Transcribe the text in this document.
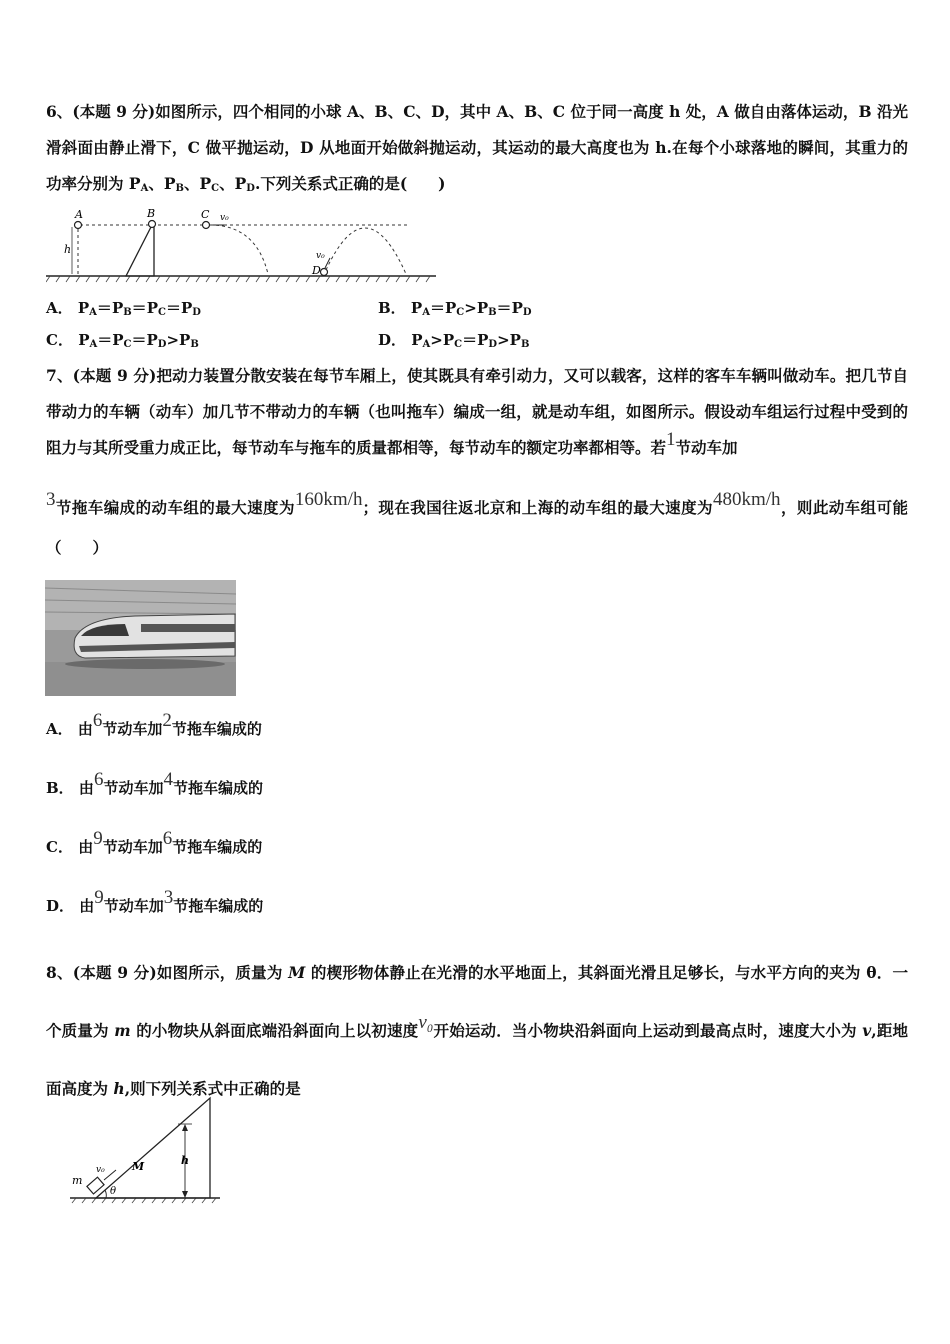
6、(本题 9 分)如图所示，四个相同的小球 A、B、C、D，其中 A、B、C 位于同一高度 h 处，A 做自由落体运动，B 沿光滑斜面由静止滑下，C 做平抛运动，D 从地面开始做斜抛运动，其运动的最大高度也为 h.在每个小球落地的瞬间，其重力的功率分别为 $P_A$、$P_B$、$P_C$、$P_D$.下列关系式正确的是(　　)
h
A	B	C v₀
D
v₀
A． $P_A=P_B=P_C=P_D$	B． $P_A=P_C>P_B=P_D$
C． $P_A=P_C=P_D>P_B$	D． $P_A>P_C=P_D>P_B$
7、(本题 9 分)把动力装置分散安装在每节车厢上，使其既具有牵引动力，又可以载客，这样的客车车辆叫做动车。把几节自带动力的车辆（动车）加几节不带动力的车辆（也叫拖车）编成一组，就是动车组，如图所示。假设动车组运行过程中受到的阻力与其所受重力成正比，每节动车与拖车的质量都相等，每节动车的额定功率都相等。若1节动车加

3节拖车编成的动车组的最大速度为160km/h；现在我国往返北京和上海的动车组的最大速度为480km/h，则此动车组可能（　　）
A． 由6节动车加2节拖车编成的
B． 由6节动车加4节拖车编成的
C． 由9节动车加6节拖车编成的
D． 由9节动车加3节拖车编成的
8、(本题 9 分)如图所示，质量为 M 的楔形物体静止在光滑的水平地面上，其斜面光滑且足够长，与水平方向的夹为 θ．一个质量为 m 的小物块从斜面底端沿斜面向上以初速度v₀开始运动．当小物块沿斜面向上运动到最高点时，速度大小为 v,距地面高度为 h,则下列关系式中正确的是
m
v₀ M
θ
h
